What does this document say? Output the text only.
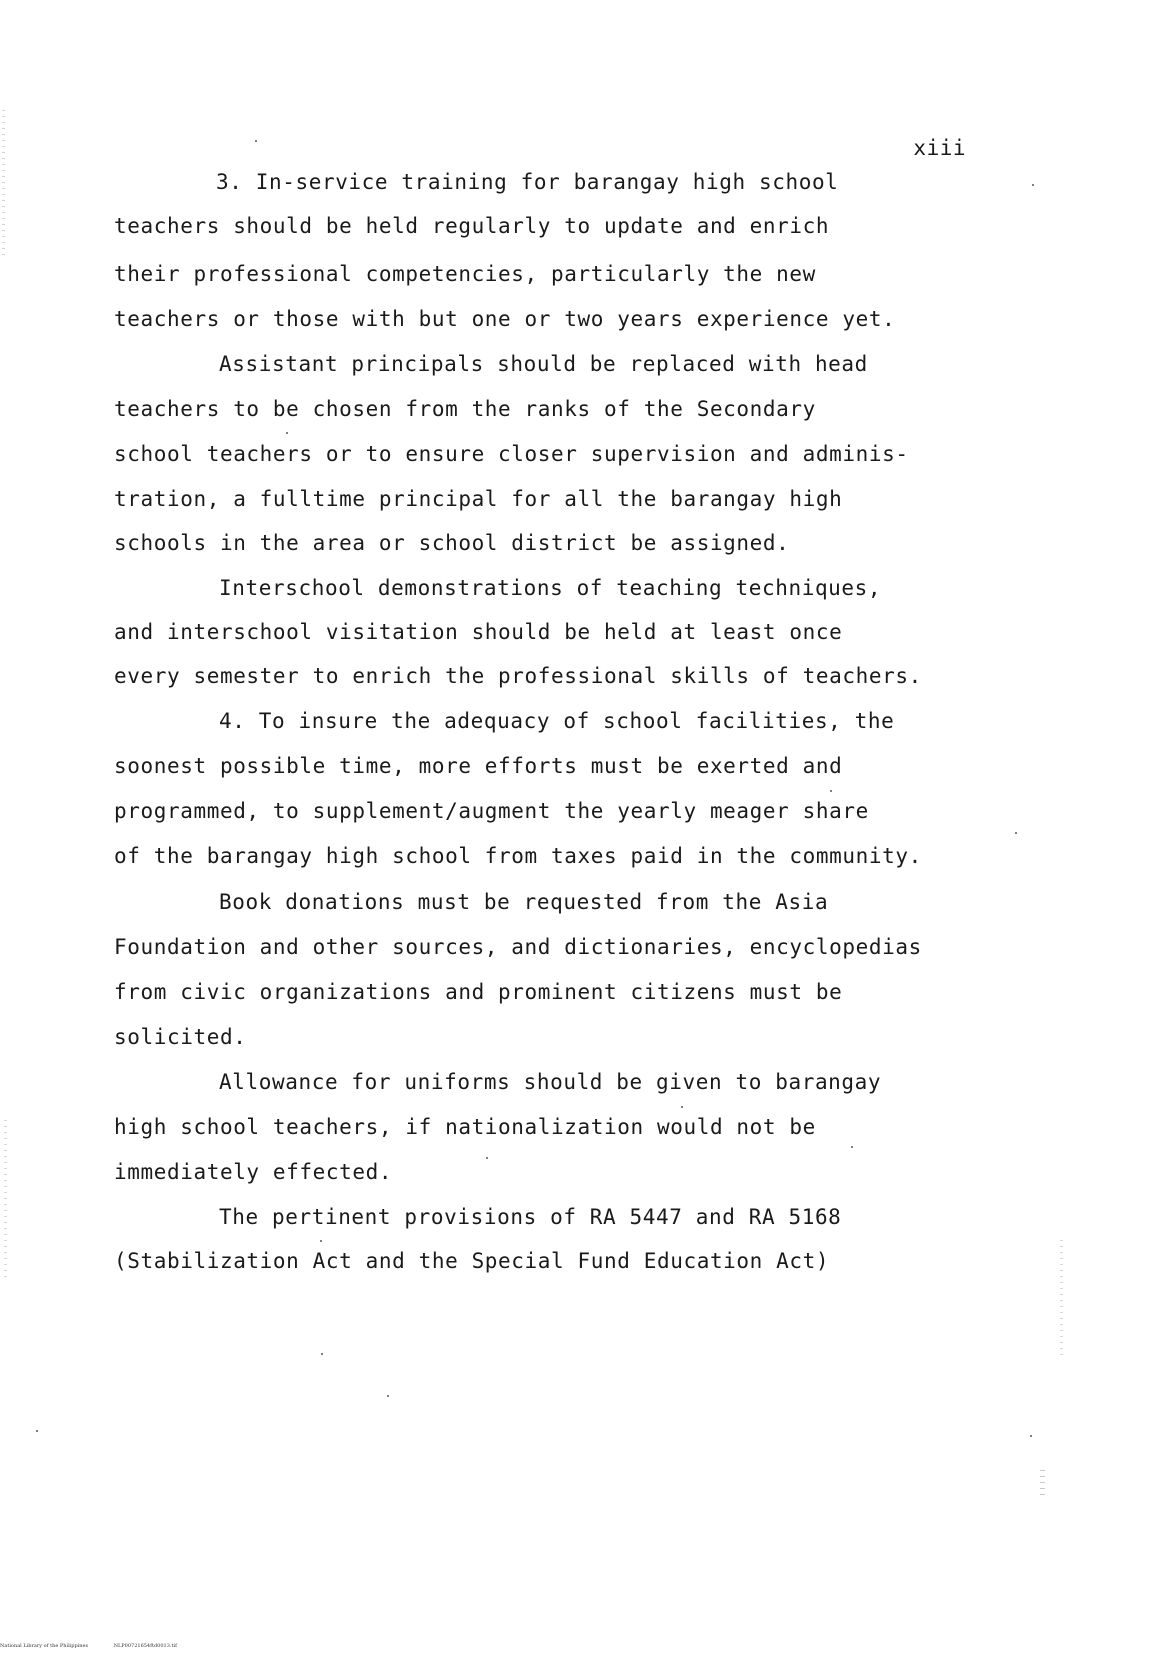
xiii
3. In-service training for barangay high school
teachers should be held regularly to update and enrich
their professional competencies, particularly the new
teachers or those with but one or two years experience yet.
Assistant principals should be replaced with head
teachers to be chosen from the ranks of the Secondary
school teachers or to ensure closer supervision and adminis-
tration, a fulltime principal for all the barangay high
schools in the area or school district be assigned.
Interschool demonstrations of teaching techniques,
and interschool visitation should be held at least once
every semester to enrich the professional skills of teachers.
4. To insure the adequacy of school facilities, the
soonest possible time, more efforts must be exerted and
programmed, to supplement/augment the yearly meager share
of the barangay high school from taxes paid in the community.
Book donations must be requested from the Asia
Foundation and other sources, and dictionaries, encyclopedias
from civic organizations and prominent citizens must be
solicited.
Allowance for uniforms should be given to barangay
high school teachers, if nationalization would not be
immediately effected.
The pertinent provisions of RA 5447 and RA 5168
(Stabilization Act and the Special Fund Education Act)
National Library of the Philippines	NLP00721654ftd0013.tif
